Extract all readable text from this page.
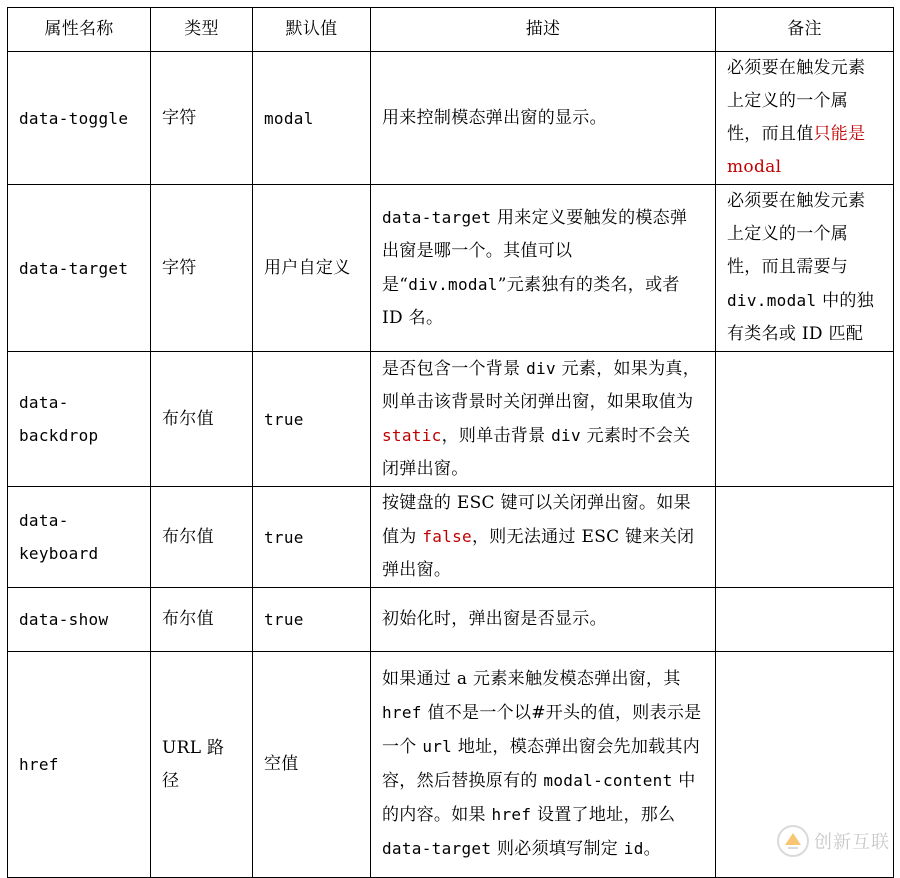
属性名称	类型	默认值	描述	备注
data-toggle	字符	modal	用来控制模态弹出窗的显示。	必须要在触发元素上定义的一个属性，而且值只能是 modal
data-target	字符	用户自定义	data-target 用来定义要触发的模态弹出窗是哪一个。其值可以是“div.modal”元素独有的类名，或者 ID 名。	必须要在触发元素上定义的一个属性，而且需要与 div.modal 中的独有类名或 ID 匹配
data-backdrop	布尔值	true	是否包含一个背景 div 元素，如果为真，则单击该背景时关闭弹出窗，如果取值为 static，则单击背景 div 元素时不会关闭弹出窗。	
data-keyboard	布尔值	true	按键盘的 ESC 键可以关闭弹出窗。如果值为 false，则无法通过 ESC 键来关闭弹出窗。	
data-show	布尔值	true	初始化时，弹出窗是否显示。	
href	URL 路径	空值	如果通过 a 元素来触发模态弹出窗，其 href 值不是一个以#开头的值，则表示是一个 url 地址，模态弹出窗会先加载其内容，然后替换原有的 modal-content 中的内容。如果 href 设置了地址，那么 data-target 则必须填写制定 id。		创新互联
